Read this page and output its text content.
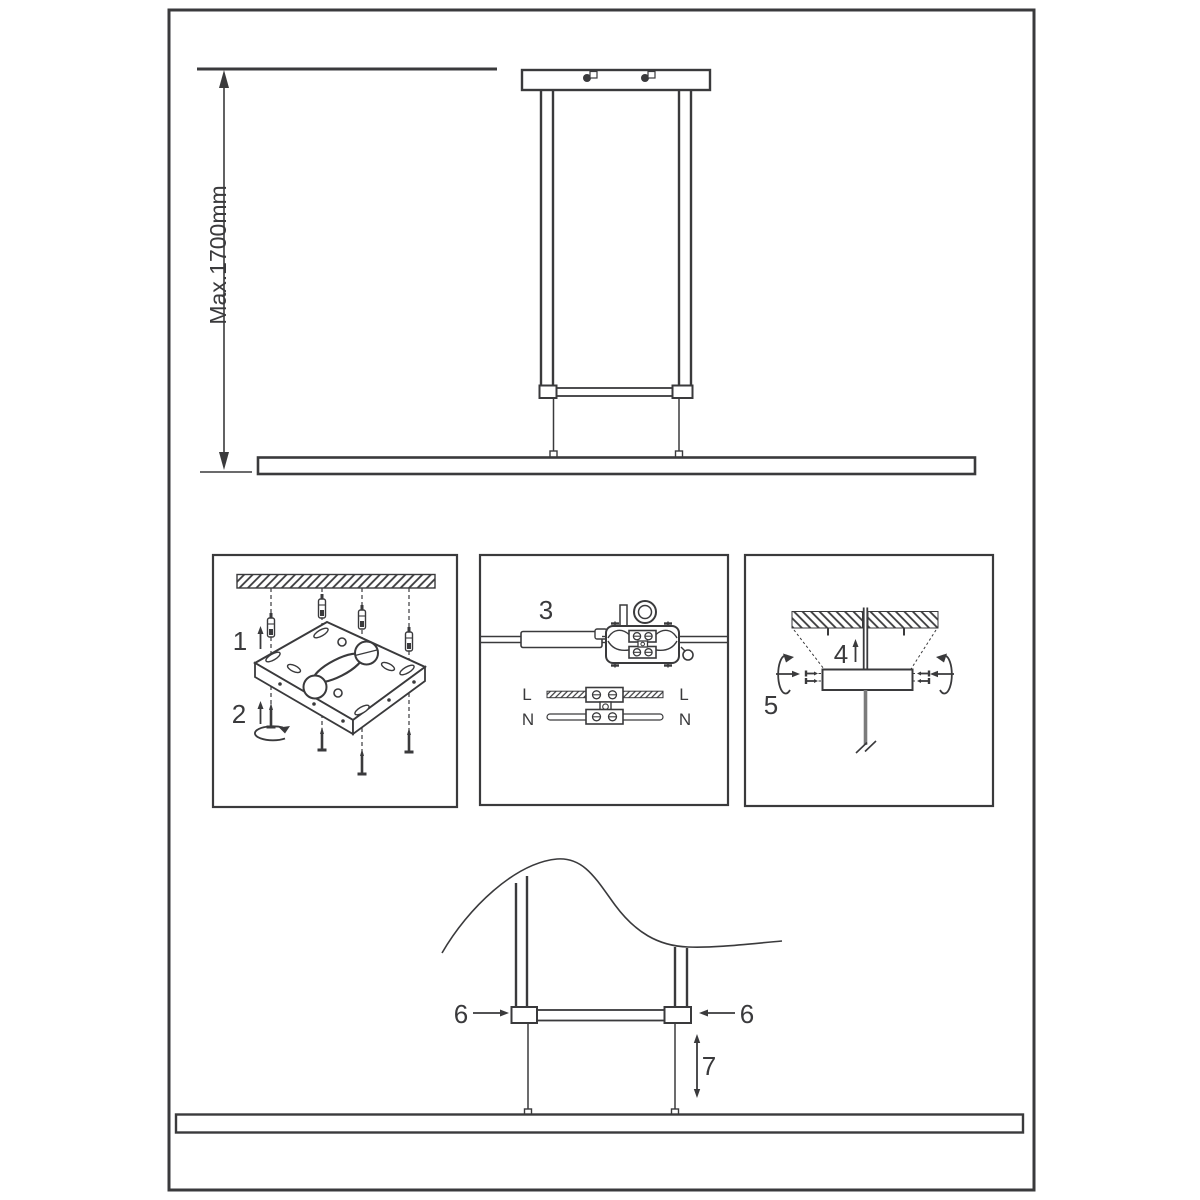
Max.1700mm
1
2
3
L	L
N	N
4
5
6	6
7
